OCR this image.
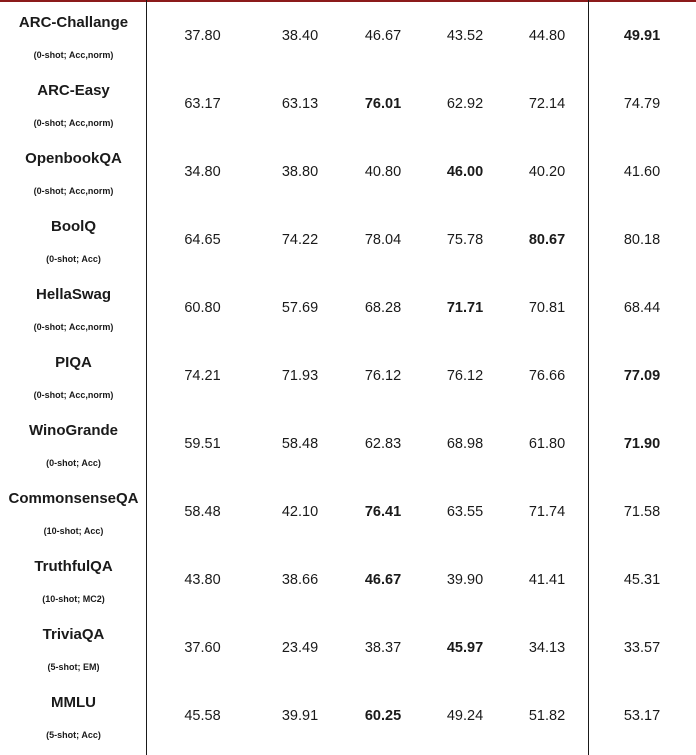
ARC-Challange
(0-shot; Acc,norm)	37.80	38.40	46.67	43.52	44.80	49.91

ARC-Easy
(0-shot; Acc,norm)	63.17	63.13	76.01	62.92	72.14	74.79

OpenbookQA
(0-shot; Acc,norm)	34.80	38.80	40.80	46.00	40.20	41.60

BoolQ
(0-shot; Acc)	64.65	74.22	78.04	75.78	80.67	80.18

HellaSwag
(0-shot; Acc,norm)	60.80	57.69	68.28	71.71	70.81	68.44

PIQA
(0-shot; Acc,norm)	74.21	71.93	76.12	76.12	76.66	77.09

WinoGrande
(0-shot; Acc)	59.51	58.48	62.83	68.98	61.80	71.90

CommonsenseQA
(10-shot; Acc)	58.48	42.10	76.41	63.55	71.74	71.58

TruthfulQA
(10-shot; MC2)	43.80	38.66	46.67	39.90	41.41	45.31

TriviaQA
(5-shot; EM)	37.60	23.49	38.37	45.97	34.13	33.57

MMLU
(5-shot; Acc)	45.58	39.91	60.25	49.24	51.82	53.17
